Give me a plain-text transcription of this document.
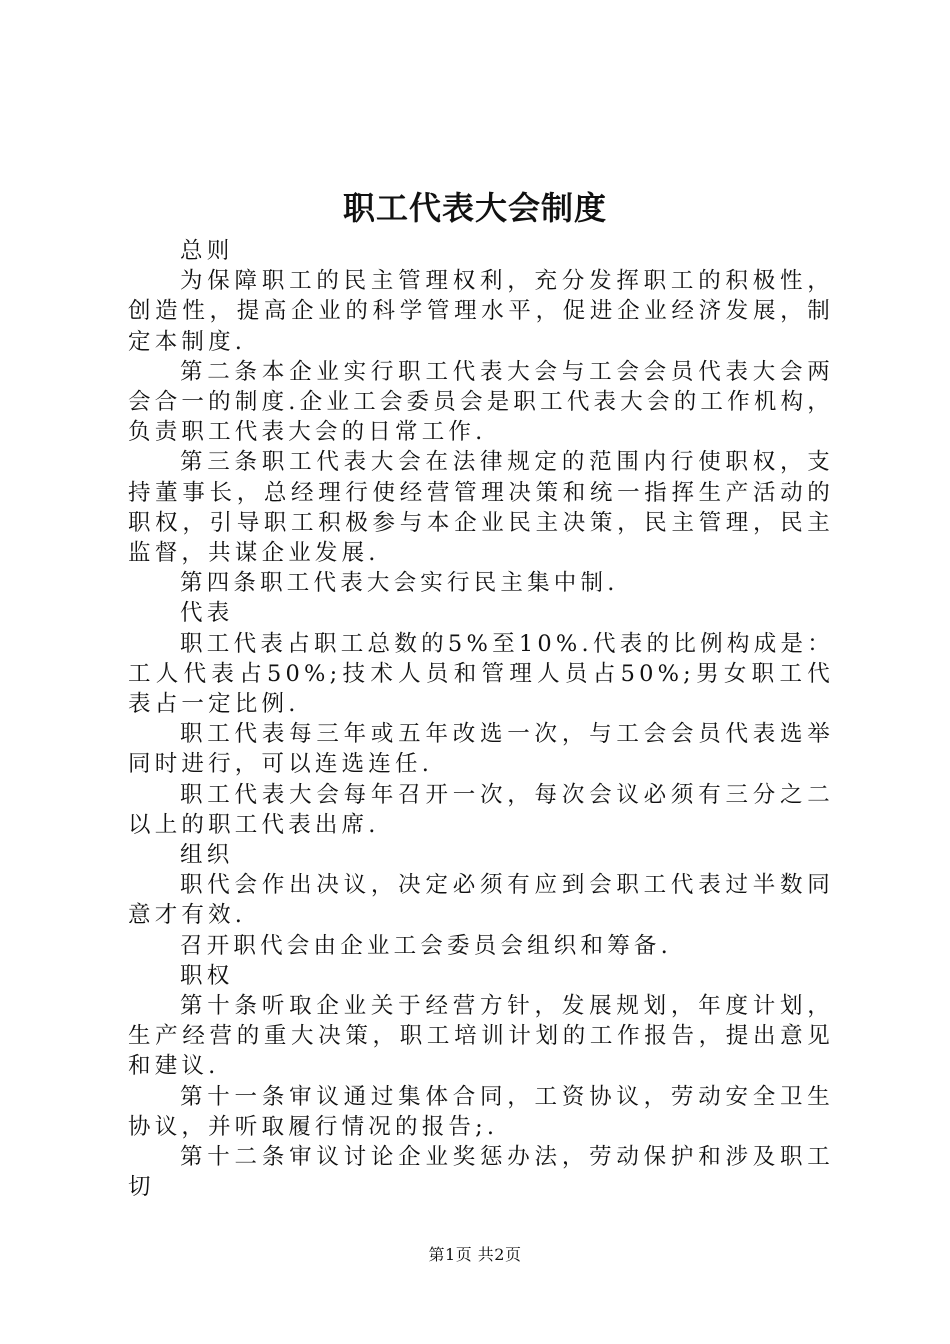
职工代表大会制度

总则

为保障职工的民主管理权利，充分发挥职工的积极性，创造性，提高企业的科学管理水平，促进企业经济发展，制定本制度.

第二条本企业实行职工代表大会与工会会员代表大会两会合一的制度.企业工会委员会是职工代表大会的工作机构，负责职工代表大会的日常工作.

第三条职工代表大会在法律规定的范围内行使职权，支持董事长，总经理行使经营管理决策和统一指挥生产活动的职权，引导职工积极参与本企业民主决策，民主管理，民主监督，共谋企业发展.

第四条职工代表大会实行民主集中制.

代表

职工代表占职工总数的5%至10%.代表的比例构成是：工人代表占50%;技术人员和管理人员占50%;男女职工代表占一定比例.

职工代表每三年或五年改选一次，与工会会员代表选举同时进行，可以连选连任.

职工代表大会每年召开一次，每次会议必须有三分之二以上的职工代表出席.

组织

职代会作出决议，决定必须有应到会职工代表过半数同意才有效.

召开职代会由企业工会委员会组织和筹备.

职权

第十条听取企业关于经营方针，发展规划，年度计划，生产经营的重大决策，职工培训计划的工作报告，提出意见和建议.

第十一条审议通过集体合同，工资协议，劳动安全卫生协议，并听取履行情况的报告;.

第十二条审议讨论企业奖惩办法，劳动保护和涉及职工切

第1页 共2页
